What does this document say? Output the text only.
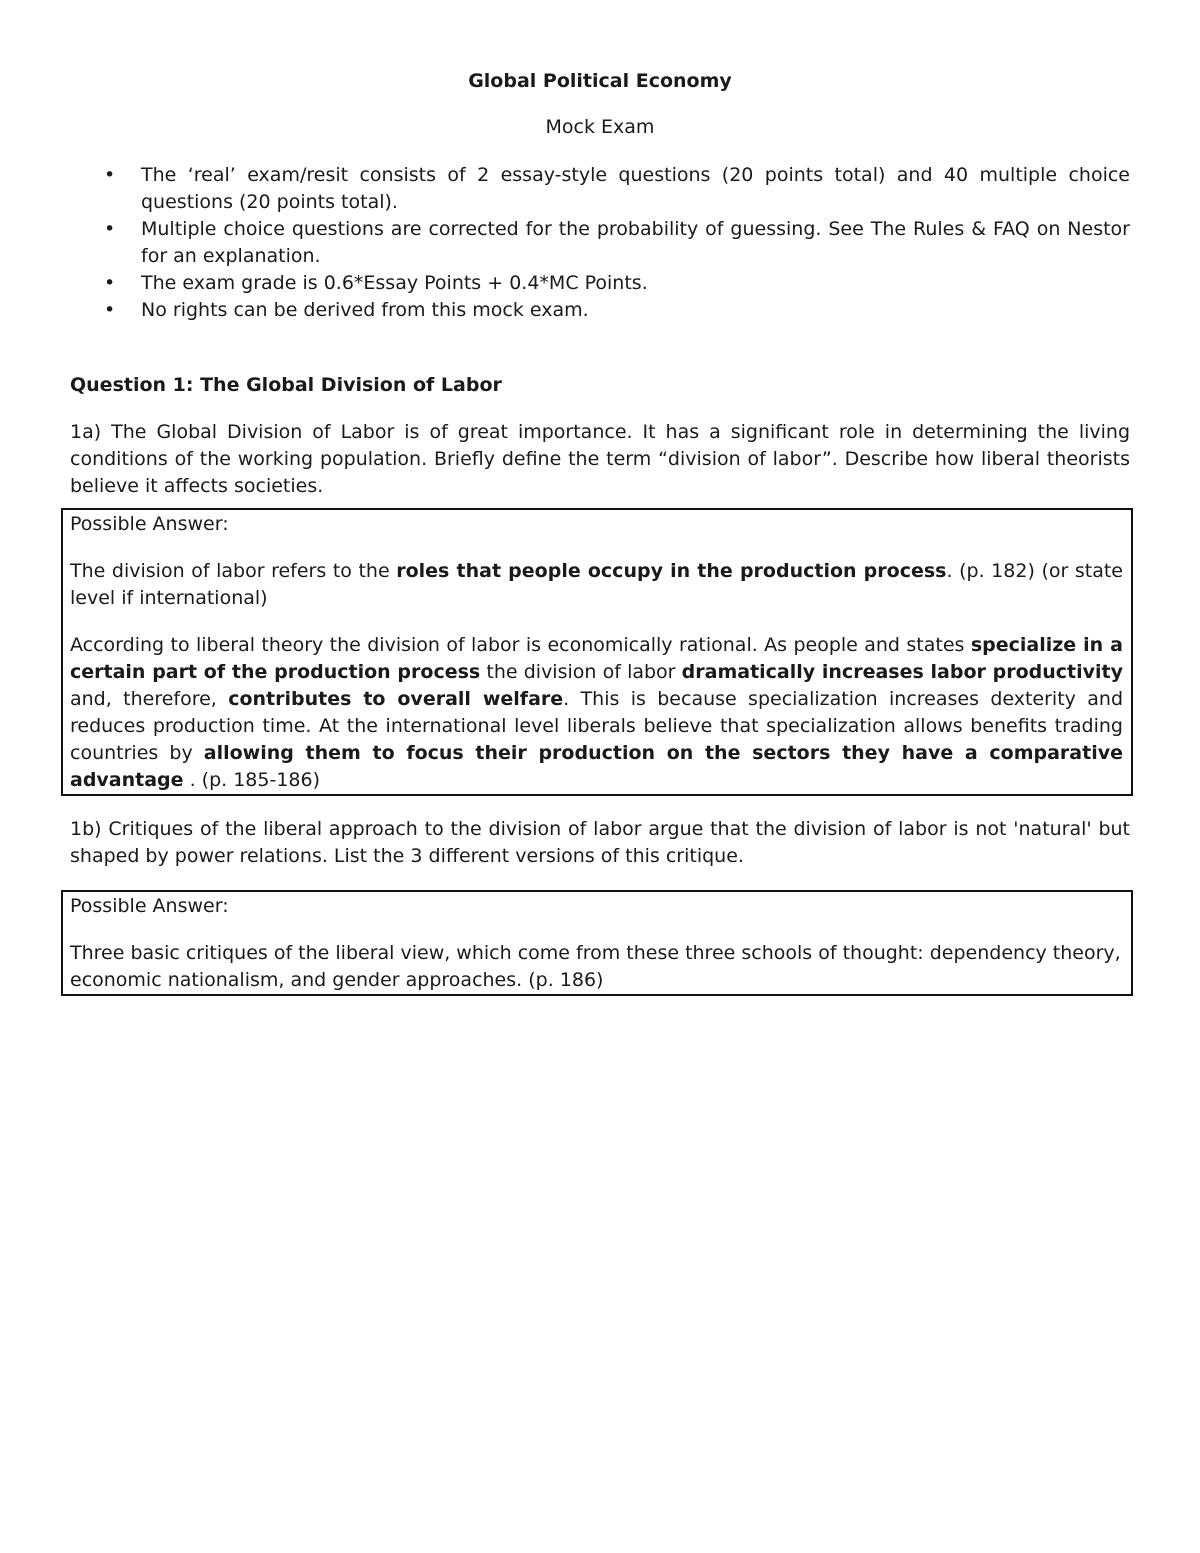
Global Political Economy

Mock Exam

• The ‘real’ exam/resit consists of 2 essay-style questions (20 points total) and 40 multiple choice questions (20 points total).
• Multiple choice questions are corrected for the probability of guessing. See The Rules & FAQ on Nestor for an explanation.
• The exam grade is 0.6*Essay Points + 0.4*MC Points.
• No rights can be derived from this mock exam.

Question 1: The Global Division of Labor

1a) The Global Division of Labor is of great importance. It has a significant role in determining the living conditions of the working population. Briefly define the term “division of labor”. Describe how liberal theorists believe it affects societies.

Possible Answer:

The division of labor refers to the roles that people occupy in the production process. (p. 182) (or state level if international)

According to liberal theory the division of labor is economically rational. As people and states specialize in a certain part of the production process the division of labor dramatically increases labor productivity and, therefore, contributes to overall welfare. This is because specialization increases dexterity and reduces production time. At the international level liberals believe that specialization allows benefits trading countries by allowing them to focus their production on the sectors they have a comparative advantage . (p. 185-186)

1b) Critiques of the liberal approach to the division of labor argue that the division of labor is not 'natural' but shaped by power relations. List the 3 different versions of this critique.

Possible Answer:

Three basic critiques of the liberal view, which come from these three schools of thought: dependency theory, economic nationalism, and gender approaches. (p. 186)
